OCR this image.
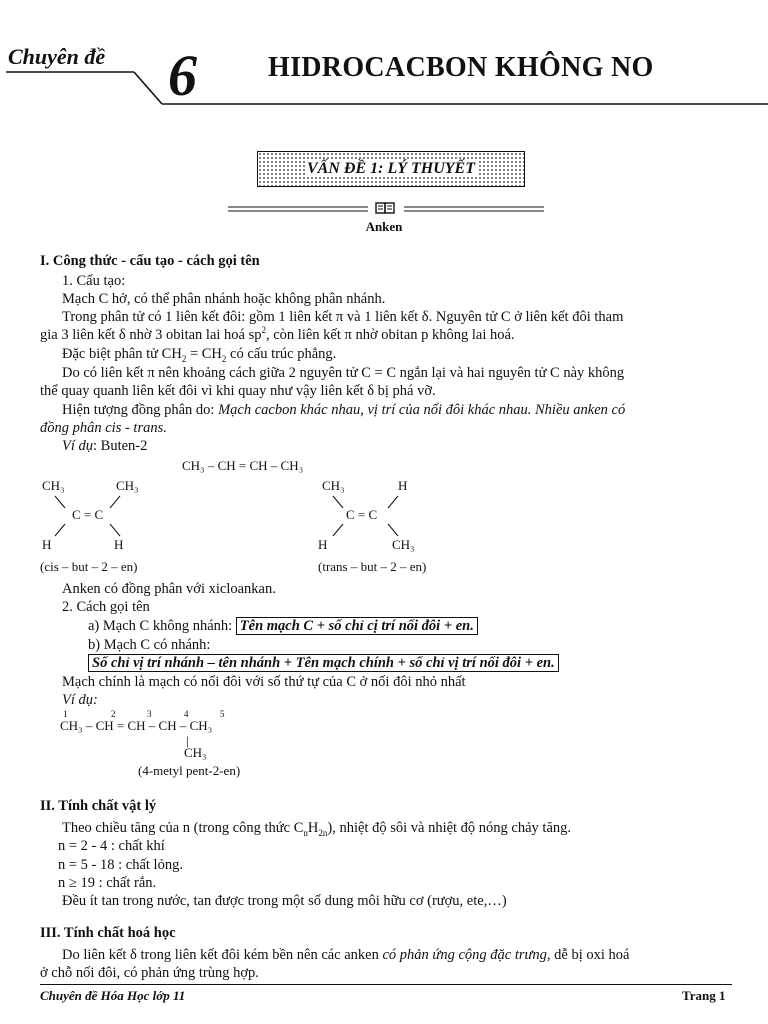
Chuyên đề 6	HIDROCACBON KHÔNG NO
VẤN ĐỀ 1: LÝ THUYẾT
Anken
I. Công thức - cấu tạo - cách gọi tên
1. Cấu tạo:
Mạch C hở, có thể phân nhánh hoặc không phân nhánh.
Trong phân tử có 1 liên kết đôi: gồm 1 liên kết π và 1 liên kết δ. Nguyên tử C ở liên kết đôi tham
gia 3 liên kết δ nhờ 3 obitan lai hoá $sp^2$, còn liên kết π nhờ obitan p không lai hoá.
Đặc biệt phân tử $CH_2 = CH_2$ có cấu trúc phẳng.
Do có liên kết π nên khoảng cách giữa 2 nguyên tử C = C ngắn lại và hai nguyên tử C này không
thể quay quanh liên kết đôi vì khi quay như vậy liên kết δ bị phá vỡ.
Hiện tượng đồng phân do: Mạch cacbon khác nhau, vị trí của nối đôi khác nhau. Nhiều anken có
đồng phân cis - trans.
Ví dụ: Buten-2
CH₃ – CH = CH – CH₃
CH₃	CH₃
C = C
H	H
(cis – but – 2 – en)
CH₃	H
C = C
H	CH₃
(trans – but – 2 – en)
Anken có đồng phân với xicloankan.
2. Cách gọi tên
a) Mạch C không nhánh: Tên mạch C + số chỉ cị trí nối đôi + en.
b) Mạch C có nhánh:
Số chỉ vị trí nhánh – tên nhánh + Tên mạch chính + số chỉ vị trí nối đôi + en.
Mạch chính là mạch có nối đôi với số thứ tự của C ở nối đôi nhỏ nhất
Ví dụ:
1	2	3	4	5
CH₃ – CH = CH – CH – CH₃
|
CH₃
(4-metyl pent-2-en)
II. Tính chất vật lý
Theo chiều tăng của n (trong công thức $C_nH_{2n}$), nhiệt độ sôi và nhiệt độ nóng chảy tăng.
n = 2 - 4 : chất khí
n = 5 - 18 : chất lỏng.
n ≥ 19 : chất rắn.
Đều ít tan trong nước, tan được trong một số dung môi hữu cơ (rượu, ete,…)
III. Tính chất hoá học
Do liên kết δ trong liên kết đôi kém bền nên các anken có phản ứng cộng đặc trưng, dễ bị oxi hoá
ở chỗ nối đôi, có phản ứng trùng hợp.
Chuyên đề Hóa Học lớp 11	Trang 1
